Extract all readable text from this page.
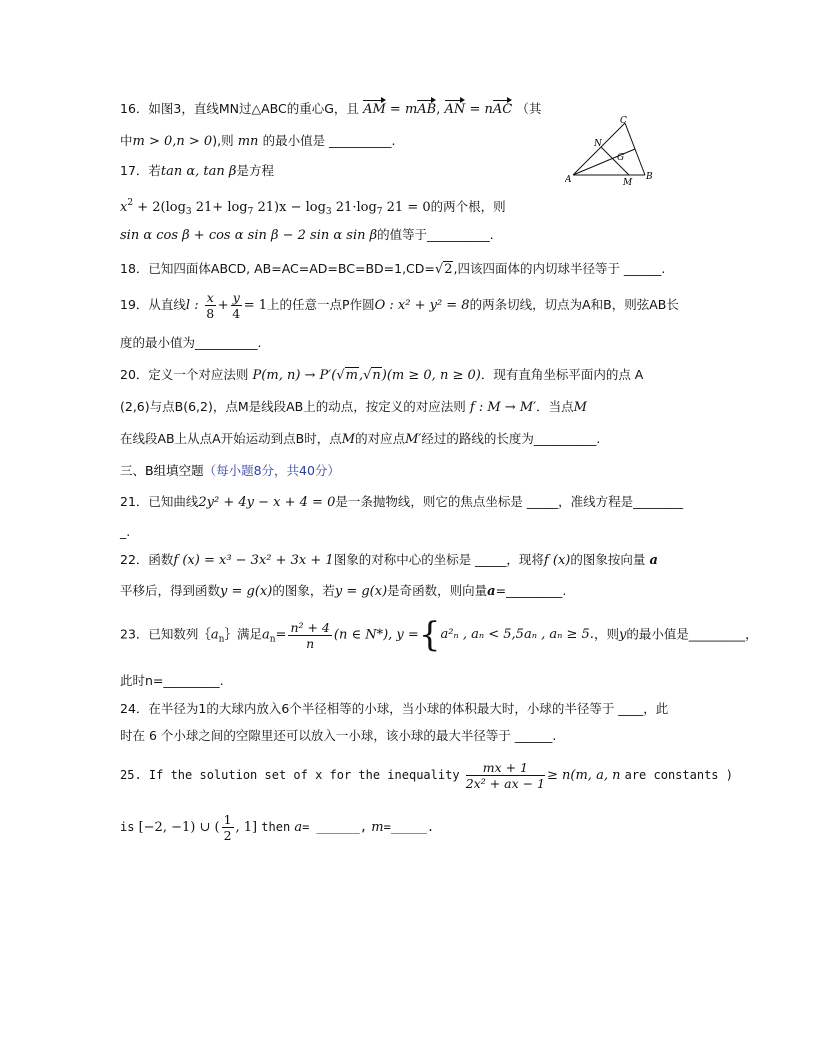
16．如图3，直线MN过△ABC的重心G，且 AM = mAB, AN = nAC （其
中m > 0,n > 0),则 mn 的最小值是 __________.
C
N
G
A	M
B
17．若tan α, tan β是方程
$x^2 + 2(\log_3$ $21+ \log_7 21)x - \log_3 21\cdot\log_7$ 21 = 0的两个根，则
sin α cos β + cos α sin β − 2 sin α sin β的值等于__________.
18．已知四面体ABCD, AB=AC=AD=BC=BD=1,CD=√2,四该四面体的内切球半径等于 ______.
19．从直线l : $\frac{x}{8} + \frac{y}{4} = 1$上的任意一点P作圆O : x² + y² = 8的两条切线，切点为A和B，则弦AB长
度的最小值为__________.
20．定义一个对应法则 P(m, n) → P′(√m,√n)(m ≥ 0, n ≥ 0)．现有直角坐标平面内的点 A
(2,6)与点B(6,2)，点M是线段AB上的动点，按定义的对应法则 f : M → M′．当点M
在线段AB上从点A开始运动到点B时，点M的对应点M′经过的路线的长度为__________.
三、B组填空题（每小题8分，共40分）
21．已知曲线2y² + 4y − x + 4 = 0是一条抛物线，则它的焦点坐标是 _____，准线方程是________
_.
22．函数f (x) = x³ − 3x² + 3x + 1图象的对称中心的坐标是 _____，现将f (x)的图象按向量 a
平移后，得到函数y = g(x)的图象，若y = g(x)是奇函数，则向量a=_________.
23．已知数列$\{a_n\}$满足$a_n= \frac{\text{n² + 4}}{n} (n$ ∈ N*), y ={a²ₙ , aₙ < 5,5aₙ , aₙ ≥ 5.，则y的最小值是_________，
此时n=_________.
24．在半径为1的大球内放入6个半径相等的小球，当小球的体积最大时，小球的半径等于 ____，此
时在 6 个小球之间的空隙里还可以放入一小球，该小球的最大半径等于 ______.
25. If the solution set of x for the inequality $\frac{mx + 1}{\text{2x² + ax − 1}} \ge n(m$, a, n are constants )
is [−2, −1) ∪ ( $\frac{1}{2}$ , 1] then a= ______, m=_____.
